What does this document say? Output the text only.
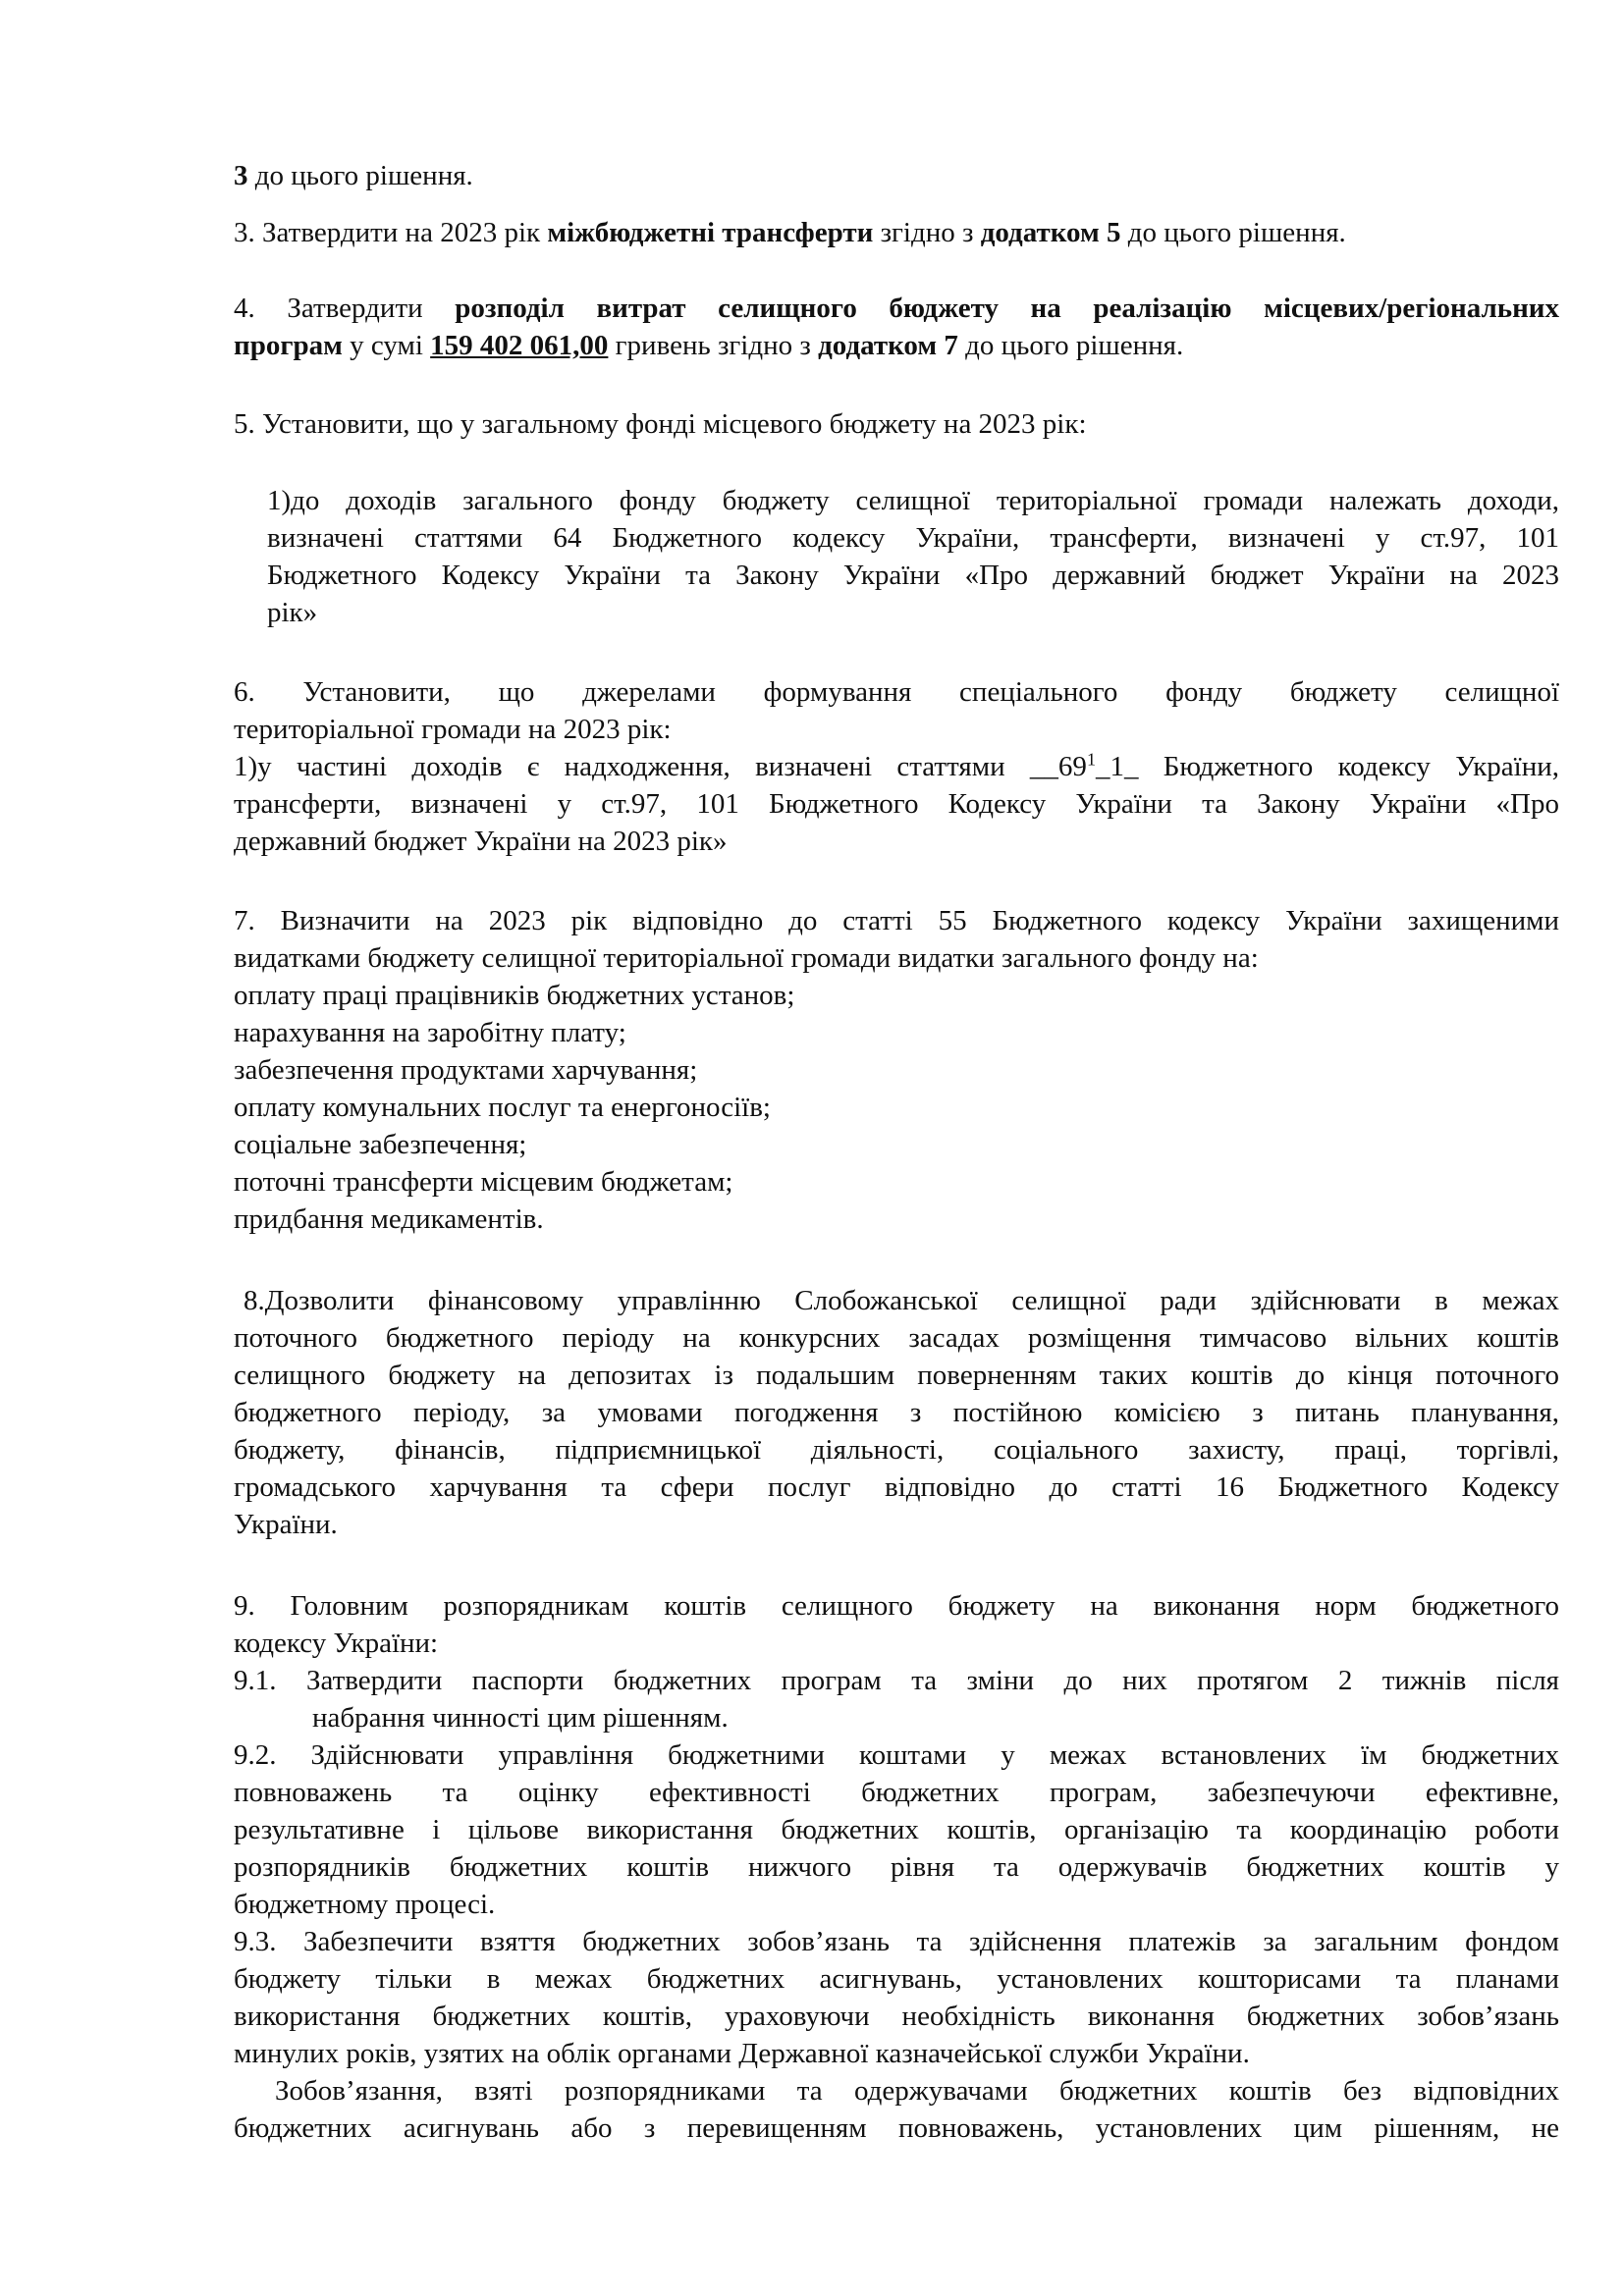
3 до цього рішення.
3. Затвердити на 2023 рік міжбюджетні трансферти згідно з додатком 5 до цього рішення.
4. Затвердити розподіл витрат селищного бюджету на реалізацію місцевих/регіональних
програм у сумі 159 402 061,00 гривень згідно з додатком 7 до цього рішення.
5. Установити, що у загальному фонді місцевого бюджету на 2023 рік:
1)до доходів загального фонду бюджету селищної територіальної громади належать доходи,
визначені статтями 64 Бюджетного кодексу України, трансферти, визначені у ст.97, 101
Бюджетного Кодексу України та Закону України «Про державний бюджет України на 2023
рік»
6. Установити, що джерелами формування спеціального фонду бюджету селищної
територіальної громади на 2023 рік:
1)у частині доходів є надходження, визначені статтями $\_\_69^1\_1\_$ Бюджетного кодексу України,
трансферти, визначені у ст.97, 101 Бюджетного Кодексу України та Закону України «Про
державний бюджет України на 2023 рік»
7. Визначити на 2023 рік відповідно до статті 55 Бюджетного кодексу України захищеними
видатками бюджету селищної територіальної громади видатки загального фонду на:
оплату праці працівників бюджетних установ;
нарахування на заробітну плату;
забезпечення продуктами харчування;
оплату комунальних послуг та енергоносіїв;
соціальне забезпечення;
поточні трансферти місцевим бюджетам;
придбання медикаментів.
8.Дозволити фінансовому управлінню Слобожанської селищної ради здійснювати в межах
поточного бюджетного періоду на конкурсних засадах розміщення тимчасово вільних коштів
селищного бюджету на депозитах із подальшим поверненням таких коштів до кінця поточного
бюджетного періоду, за умовами погодження з постійною комісією з питань планування,
бюджету, фінансів, підприємницької діяльності, соціального захисту, праці, торгівлі,
громадського харчування та сфери послуг відповідно до статті 16 Бюджетного Кодексу
України.
9. Головним розпорядникам коштів селищного бюджету на виконання норм бюджетного
кодексу України:
9.1. Затвердити паспорти бюджетних програм та зміни до них протягом 2 тижнів після
набрання чинності цим рішенням.
9.2. Здійснювати управління бюджетними коштами у межах встановлених їм бюджетних
повноважень та оцінку ефективності бюджетних програм, забезпечуючи ефективне,
результативне і цільове використання бюджетних коштів, організацію та координацію роботи
розпорядників бюджетних коштів нижчого рівня та одержувачів бюджетних коштів у
бюджетному процесі.
9.3. Забезпечити взяття бюджетних зобов’язань та здійснення платежів за загальним фондом
бюджету тільки в межах бюджетних асигнувань, установлених кошторисами та планами
використання бюджетних коштів, ураховуючи необхідність виконання бюджетних зобов’язань
минулих років, узятих на облік органами Державної казначейської служби України.
Зобов’язання, взяті розпорядниками та одержувачами бюджетних коштів без відповідних
бюджетних асигнувань або з перевищенням повноважень, установлених цим рішенням, не
